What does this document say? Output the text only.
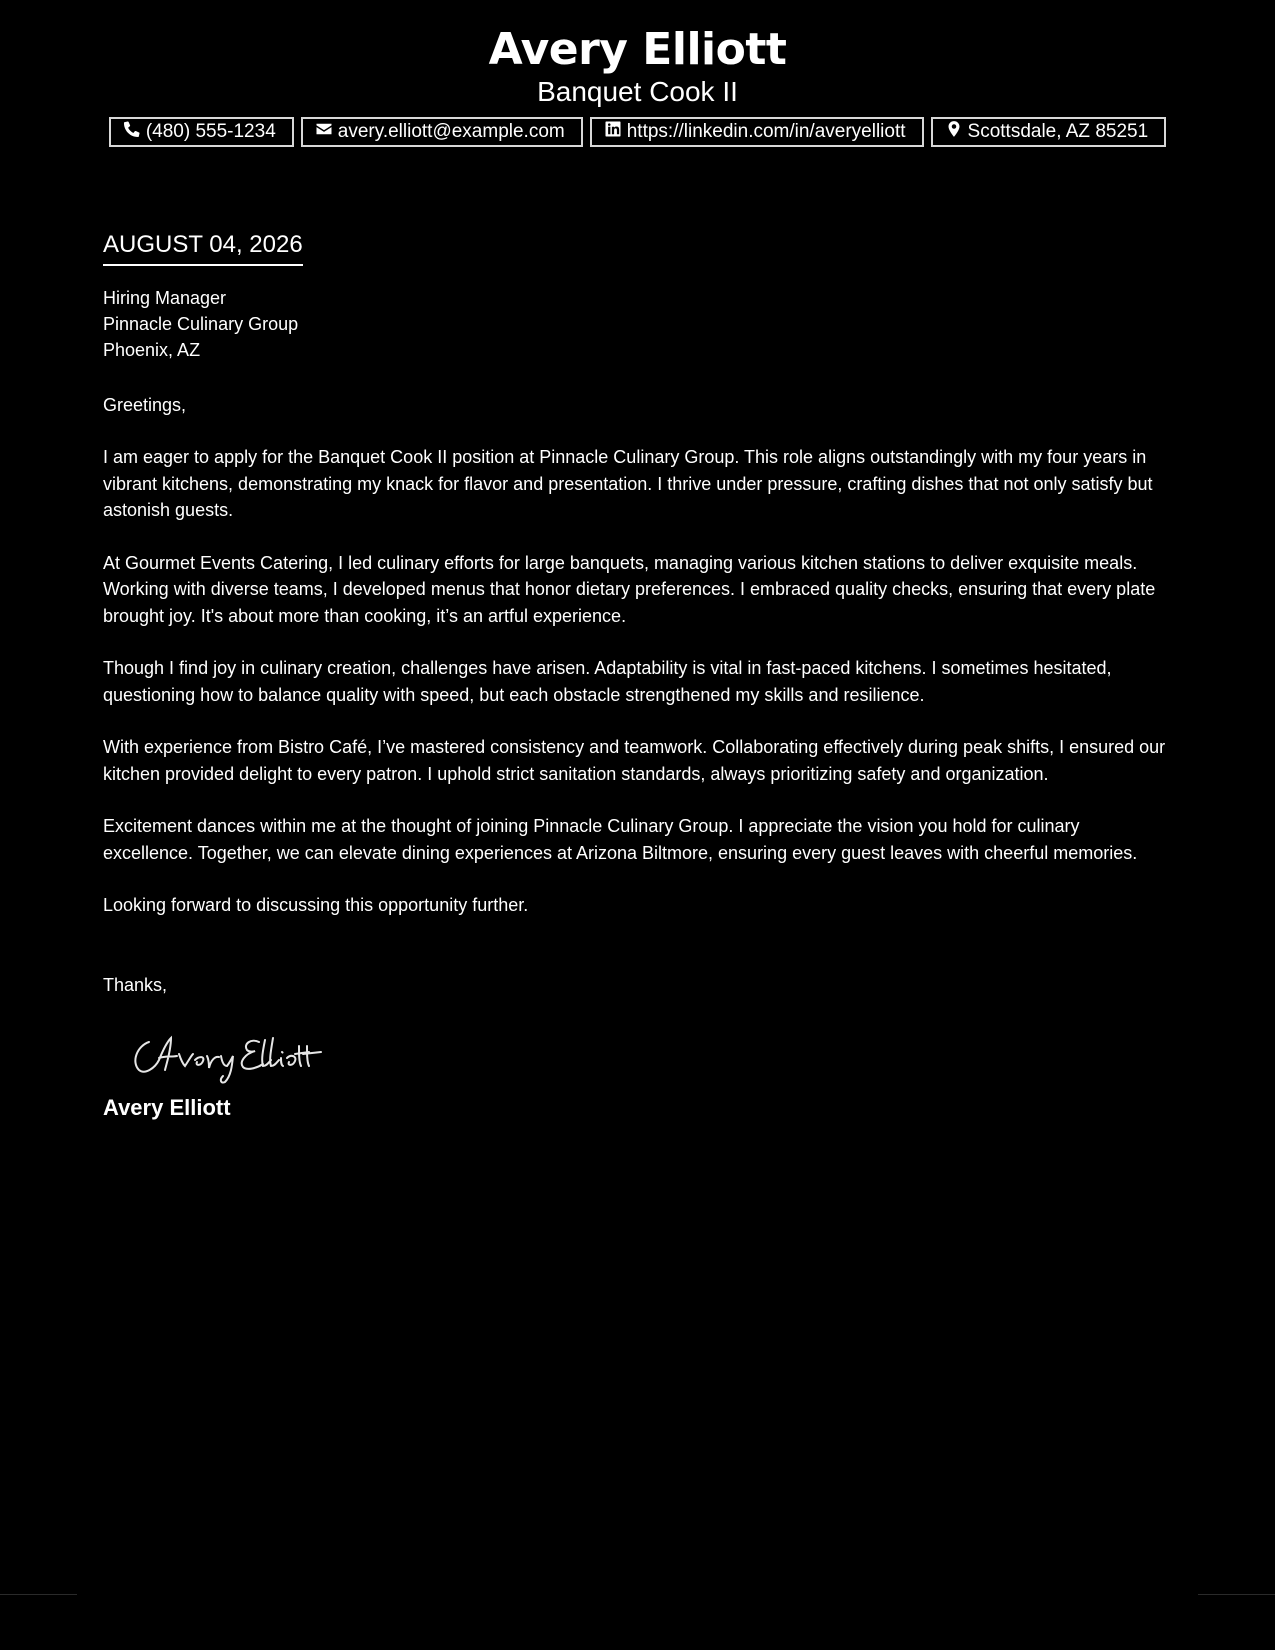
Avery Elliott
Banquet Cook II
(480) 555-1234	avery.elliott@example.com	https://linkedin.com/in/averyelliott	Scottsdale, AZ 85251
AUGUST 04, 2026
Hiring Manager
Pinnacle Culinary Group
Phoenix, AZ
Greetings,

I am eager to apply for the Banquet Cook II position at Pinnacle Culinary Group. This role aligns outstandingly with my four years in vibrant kitchens, demonstrating my knack for flavor and presentation. I thrive under pressure, crafting dishes that not only satisfy but astonish guests.

At Gourmet Events Catering, I led culinary efforts for large banquets, managing various kitchen stations to deliver exquisite meals. Working with diverse teams, I developed menus that honor dietary preferences. I embraced quality checks, ensuring that every plate brought joy. It's about more than cooking, it’s an artful experience.

Though I find joy in culinary creation, challenges have arisen. Adaptability is vital in fast-paced kitchens. I sometimes hesitated, questioning how to balance quality with speed, but each obstacle strengthened my skills and resilience.

With experience from Bistro Café, I’ve mastered consistency and teamwork. Collaborating effectively during peak shifts, I ensured our kitchen provided delight to every patron. I uphold strict sanitation standards, always prioritizing safety and organization.

Excitement dances within me at the thought of joining Pinnacle Culinary Group. I appreciate the vision you hold for culinary excellence. Together, we can elevate dining experiences at Arizona Biltmore, ensuring every guest leaves with cheerful memories.

Looking forward to discussing this opportunity further.

Thanks,
Avery Elliott
